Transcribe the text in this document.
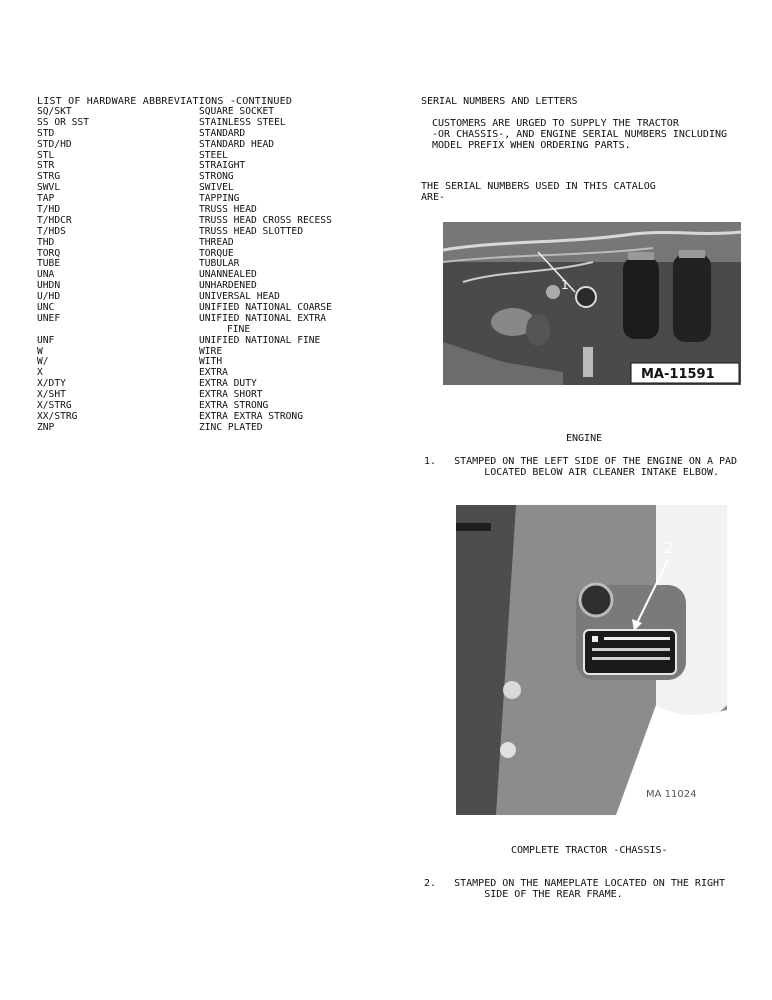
LIST OF HARDWARE ABBREVIATIONS -CONTINUED
SQ/SKT	SQUARE SOCKET
SS OR SST	STAINLESS STEEL
STD	STANDARD
STD/HD	STANDARD HEAD
STL	STEEL
STR	STRAIGHT
STRG	STRONG
SWVL	SWIVEL
TAP	TAPPING
T/HD	TRUSS HEAD
T/HDCR	TRUSS HEAD CROSS RECESS
T/HDS	TRUSS HEAD SLOTTED
THD	THREAD
TORQ	TORQUE
TUBE	TUBULAR
UNA	UNANNEALED
UHDN	UNHARDENED
U/HD	UNIVERSAL HEAD
UNC	UNIFIED NATIONAL COARSE
UNEF	UNIFIED NATIONAL EXTRA
FINE
UNF	UNIFIED NATIONAL FINE
W	WIRE
W/	WITH
X	EXTRA
X/DTY	EXTRA DUTY
X/SHT	EXTRA SHORT
X/STRG	EXTRA STRONG
XX/STRG	EXTRA EXTRA STRONG
ZNP	ZINC PLATED
SERIAL NUMBERS AND LETTERS
CUSTOMERS ARE URGED TO SUPPLY THE TRACTOR
-OR CHASSIS-, AND ENGINE SERIAL NUMBERS INCLUDING
MODEL PREFIX WHEN ORDERING PARTS.
THE SERIAL NUMBERS USED IN THIS CATALOG
ARE-
1
MA-11591
ENGINE
1.   STAMPED ON THE LEFT SIDE OF THE ENGINE ON A PAD
LOCATED BELOW AIR CLEANER INTAKE ELBOW.
2
MA 11024
COMPLETE TRACTOR -CHASSIS-
2.   STAMPED ON THE NAMEPLATE LOCATED ON THE RIGHT
SIDE OF THE REAR FRAME.
